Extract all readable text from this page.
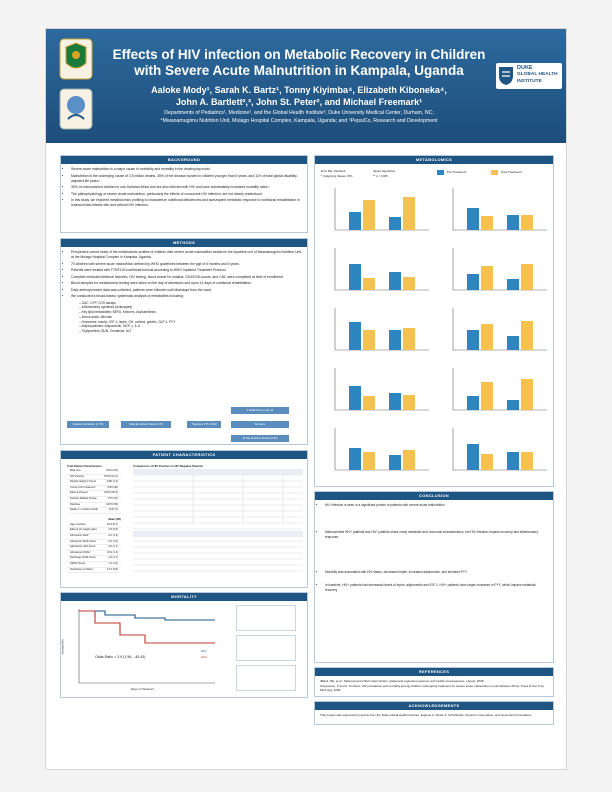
Effects of HIV infection on Metabolic Recovery in Children
with Severe Acute Malnutrition in Kampala, Uganda
Aaloke Mody¹, Sarah K. Bartz¹, Tonny Kiyimba⁴, Elizabeth Kiboneka⁴,
John A. Bartlett²,³, John St. Peter², and Michael Freemark¹
Departments of Pediatrics¹, Medicine², and the Global Health Institute³, Duke University Medical Center, Durham, NC;
⁴Mwanamugimu Nutrition Unit, Mulago Hospital Complex, Kampala, Uganda; and ⁵PepsiCo, Research and Development
DUKE
GLOBAL HEALTH
INSTITUTE
BACKGROUND
• Severe acute malnutrition is a major cause of morbidity and mortality in the developing world.
• Malnutrition is the underlying cause of 3.5 million deaths, 35% of the disease burden in children younger than 5 years, and 11% of total global disability-adjusted life years.¹
• 30% of malnourished children in sub-Saharan Africa and are also infected with HIV and have substantially increased mortality rates.²
• The pathophysiology of severe acute malnutrition, particularly the effects of concurrent HIV infection, are not clearly understood.
• In this study, we explored metabolomics profiling to characterize nutritional deficiencies and subsequent metabolic response to nutritional rehabilitation in malnourished infants with and without HIV infection.
METHODS
• Prospective cohort study of the metabolomic profiles of children with severe acute malnutrition treated in the inpatient unit of Mwanamugimu Nutrition Unit at the Mulago Hospital Complex in Kampala, Uganda.
• 70 children with severe acute malnutrition defined by WHO guidelines between the age of 6 months and 5 years.
• Patients were treated with F75/F100 nutritional formula according to WHO Inpatient Treatment Protocol.
• Complete medical/nutritional histories, HIV testing, blood smear for malaria, CD4/CD8 counts, and CBC were completed at time of enrollment.
• Blood samples for metabolomic testing were taken on the day of admission and upon 14 days of nutritional rehabilitation.
• Daily anthropometric data was collected, patients were followed until discharge from the ward.
• We conducted a broad-based, systematic analysis of metabolites including:
– OAC, CFP, CGS assays
– Inflammatory cytokines (leukocytes)
– Key lipid metabolites: NEFA, Ketones, Acylcarnitines
– Amino acids, Albumin
– Hormones: Insulin, IGF-1, leptin, GH, cortisol, ghrelin, GLP-1, PYY
– Adipocytokines: Adiponectin, MCP-1, IL-6
– Triglycerides, BUN, Creatinine, ALT
Inpatient Admission (n=70)	Initial Enrollment Data (n=70)	Treatment F75 / F100
4 Death Prior to day 14
Survivors
14 Day Nutrition Rehab (n=45)
PATIENT CHARACTERISTICS
Total Patient Characteristics
Male Sex	34/70 (51)
HIV Positive	15/70 (21.4)
Weight Height Z Score	-3.80 (1.2)
Current HIV treatment	6/15 (40)
Edema Present	44/70 (62.9)
Positive Malaria Smear	7/70 (10)
Diarrhea	42/70 (60)
Death on nutrition rehab	5/70 (7)
Mean (SD)
Age (months)	16.9 (8.7)
Edema (% weight gain)	2.8 (6.5)
Admission WHZ	-3.2 (1.4)
Admission WAZ-Score	-4.0 (1.6)
Admission HAZ-Score	-3.2 (1.7)
Admission MUAC	10.9 (1.2)
Discharge WHZ Score	-1.9 (1.7)
ΔWHZ Score	1.2 (1.6)
Total Days on Ward	17.6 (9.8)
Comparison of HIV Positive vs HIV Negative Patients
MORTALITY
Survival (%)
Days of Treatment
Odds Ratio = 3.9 (1.98 – 40.43)
HIV-
HIV+
METABOLOMICS
Error Bar: Standard
* Underlying Values: ±5%
Values Significant
** p < 0.005
Pre-Treatment	Post-Treatment
CONCLUSION
• HIV Infection is seen in a significant portion of patients with severe acute malnutrition
• Malnourished HIV+ patients and HIV- patients share many metabolic and hormonal characteristics, but HIV infection impairs recovery and inflammatory response
• Mortality was associated with HIV status, decreased leptin, increased adiponectin, and elevated PYY
• In baseline, HIV+ patients had decreased levels of leptin, adiponectin and IGF-1. HIV+ patients have larger increases in PYY, which impairs metabolic recovery
REFERENCES
¹Black, RE, et al., Maternal and child undernutrition: global and regional exposures and health consequences. Lancet, 2008.
²Fergusson, P and A. Tomkins, HIV prevalence and mortality among children undergoing treatment for severe acute malnutrition in sub-Saharan Africa. Trans R Soc Trop Med Hyg, 2009.
ACKNOWLEDGEMENTS
This project was supported by grants from the Duke Global Health Institute, Eugene A. Stead Jr. Scholarship, PepsiCo Corporation, and Genentech Foundation.
